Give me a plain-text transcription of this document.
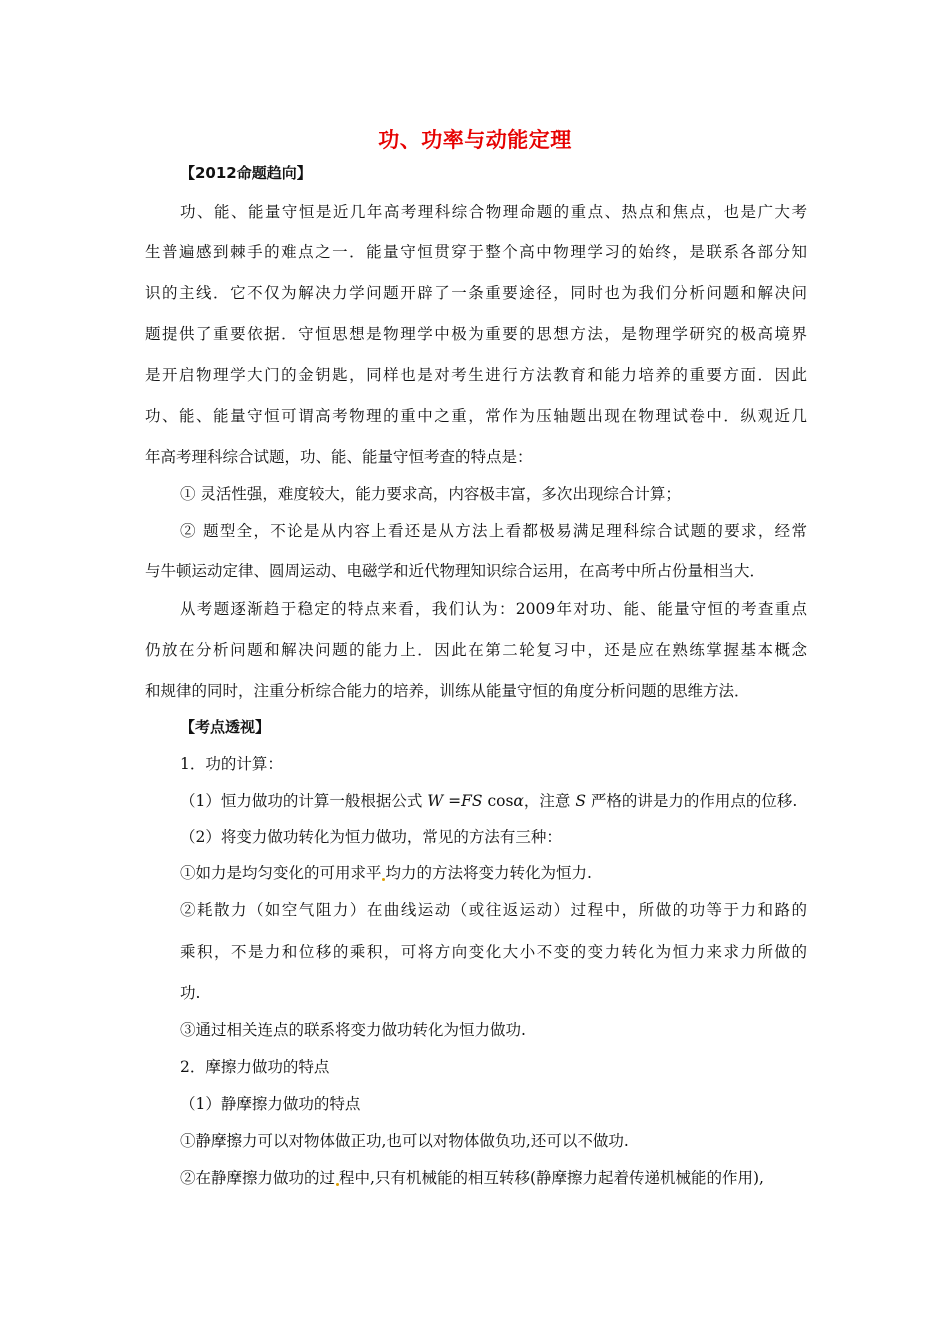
功、功率与动能定理
【2012命题趋向】
功、能、能量守恒是近几年高考理科综合物理命题的重点、热点和焦点，也是广大考
生普遍感到棘手的难点之一．能量守恒贯穿于整个高中物理学习的始终，是联系各部分知
识的主线．它不仅为解决力学问题开辟了一条重要途径，同时也为我们分析问题和解决问
题提供了重要依据．守恒思想是物理学中极为重要的思想方法，是物理学研究的极高境界
是开启物理学大门的金钥匙，同样也是对考生进行方法教育和能力培养的重要方面．因此
功、能、能量守恒可谓高考物理的重中之重，常作为压轴题出现在物理试卷中．纵观近几
年高考理科综合试题，功、能、能量守恒考查的特点是：
① 灵活性强，难度较大，能力要求高，内容极丰富，多次出现综合计算；
② 题型全，不论是从内容上看还是从方法上看都极易满足理科综合试题的要求，经常
与牛顿运动定律、圆周运动、电磁学和近代物理知识综合运用，在高考中所占份量相当大．
从考题逐渐趋于稳定的特点来看，我们认为：2009年对功、能、能量守恒的考查重点
仍放在分析问题和解决问题的能力上．因此在第二轮复习中，还是应在熟练掌握基本概念
和规律的同时，注重分析综合能力的培养，训练从能量守恒的角度分析问题的思维方法．
【考点透视】
1．功的计算：
（1）恒力做功的计算一般根据公式 W =FS cosα，注意 S 严格的讲是力的作用点的位移.
（2）将变力做功转化为恒力做功，常见的方法有三种：
①如力是均匀变化的可用求平 均力的方法将变力转化为恒力.
②耗散力（如空气阻力）在曲线运动（或往返运动）过程中，所做的功等于力和路的
乘积，不是力和位移的乘积，可将方向变化大小不变的变力转化为恒力来求力所做的
功.
③通过相关连点的联系将变力做功转化为恒力做功.
2．摩擦力做功的特点
（1）静摩擦力做功的特点
①静摩擦力可以对物体做正功,也可以对物体做负功,还可以不做功.
②在静摩擦力做功的过 程中,只有机械能的相互转移(静摩擦力起着传递机械能的作用),
